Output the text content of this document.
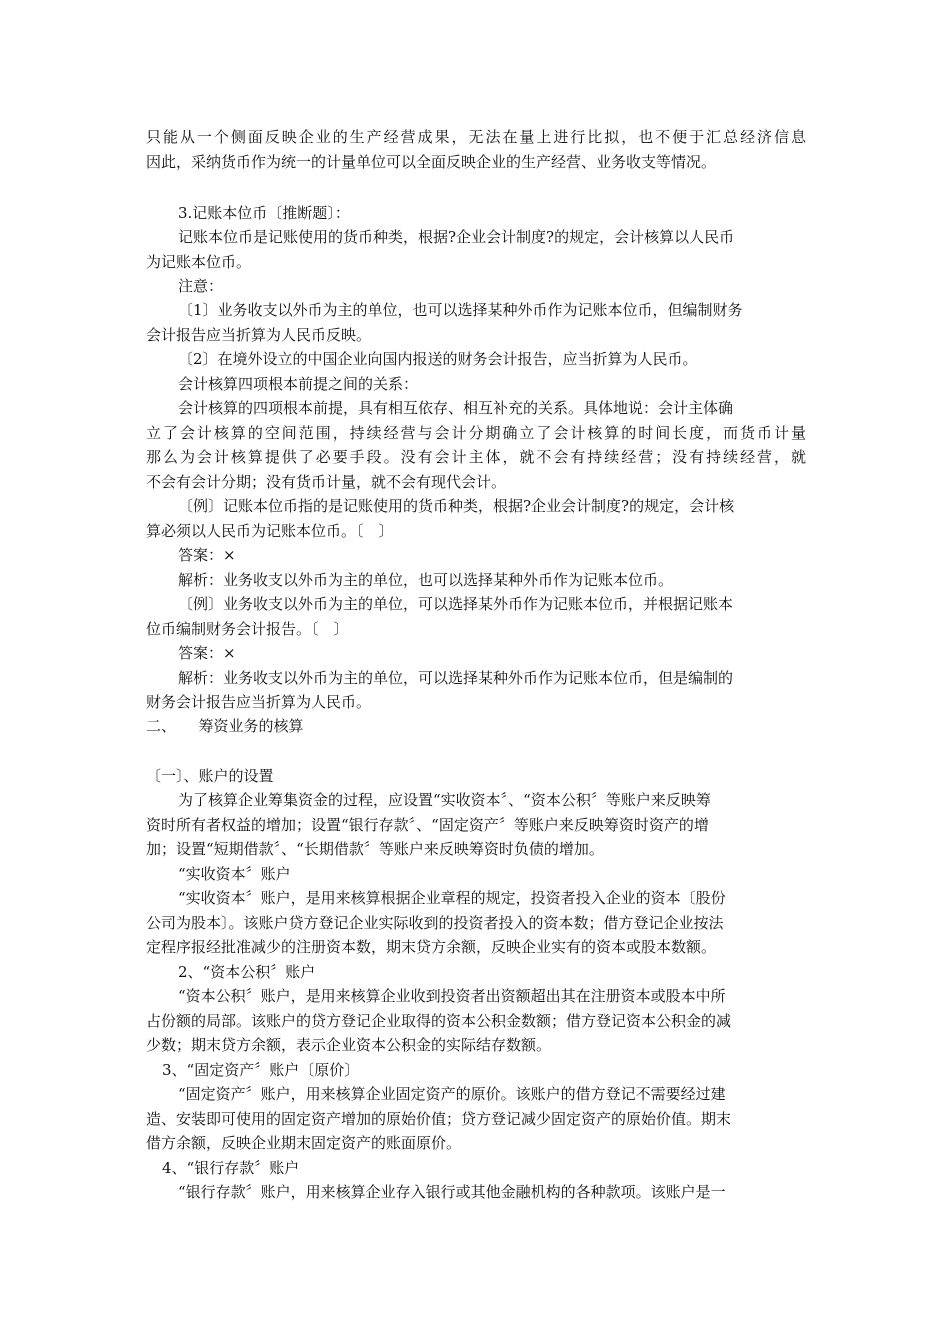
只能从一个侧面反映企业的生产经营成果，无法在量上进行比拟，也不便于汇总经济信息
因此，采纳货币作为统一的计量单位可以全面反映企业的生产经营、业务收支等情况。
3.记账本位币〔推断题〕：
记账本位币是记账使用的货币种类，根据?企业会计制度?的规定，会计核算以人民币
为记账本位币。
注意：
〔1〕业务收支以外币为主的单位，也可以选择某种外币作为记账本位币，但编制财务
会计报告应当折算为人民币反映。
〔2〕在境外设立的中国企业向国内报送的财务会计报告，应当折算为人民币。
会计核算四项根本前提之间的关系：
会计核算的四项根本前提，具有相互依存、相互补充的关系。具体地说：会计主体确
立了会计核算的空间范围，持续经营与会计分期确立了会计核算的时间长度，而货币计量
那么为会计核算提供了必要手段。没有会计主体，就不会有持续经营；没有持续经营，就
不会有会计分期；没有货币计量，就不会有现代会计。
〔例〕记账本位币指的是记账使用的货币种类，根据?企业会计制度?的规定，会计核
算必须以人民币为记账本位币。〔　〕
答案：×
解析：业务收支以外币为主的单位，也可以选择某种外币作为记账本位币。
〔例〕业务收支以外币为主的单位，可以选择某外币作为记账本位币，并根据记账本
位币编制财务会计报告。〔　〕
答案：×
解析：业务收支以外币为主的单位，可以选择某种外币作为记账本位币，但是编制的
财务会计报告应当折算为人民币。
二、　　筹资业务的核算
〔一〕、账户的设置
为了核算企业筹集资金的过程，应设置“实收资本〞、“资本公积〞等账户来反映筹
资时所有者权益的增加；设置“银行存款〞、“固定资产〞等账户来反映筹资时资产的增
加；设置“短期借款〞、“长期借款〞等账户来反映筹资时负债的增加。
“实收资本〞账户
“实收资本〞账户，是用来核算根据企业章程的规定，投资者投入企业的资本〔股份
公司为股本〕。该账户贷方登记企业实际收到的投资者投入的资本数；借方登记企业按法
定程序报经批准减少的注册资本数，期末贷方余额，反映企业实有的资本或股本数额。
2、“资本公积〞账户
“资本公积〞账户，是用来核算企业收到投资者出资额超出其在注册资本或股本中所
占份额的局部。该账户的贷方登记企业取得的资本公积金数额；借方登记资本公积金的减
少数；期末贷方余额，表示企业资本公积金的实际结存数额。
3、“固定资产〞账户〔原价〕
“固定资产〞账户，用来核算企业固定资产的原价。该账户的借方登记不需要经过建
造、安装即可使用的固定资产增加的原始价值；贷方登记减少固定资产的原始价值。期末
借方余额，反映企业期末固定资产的账面原价。
4、“银行存款〞账户
“银行存款〞账户，用来核算企业存入银行或其他金融机构的各种款项。该账户是一
